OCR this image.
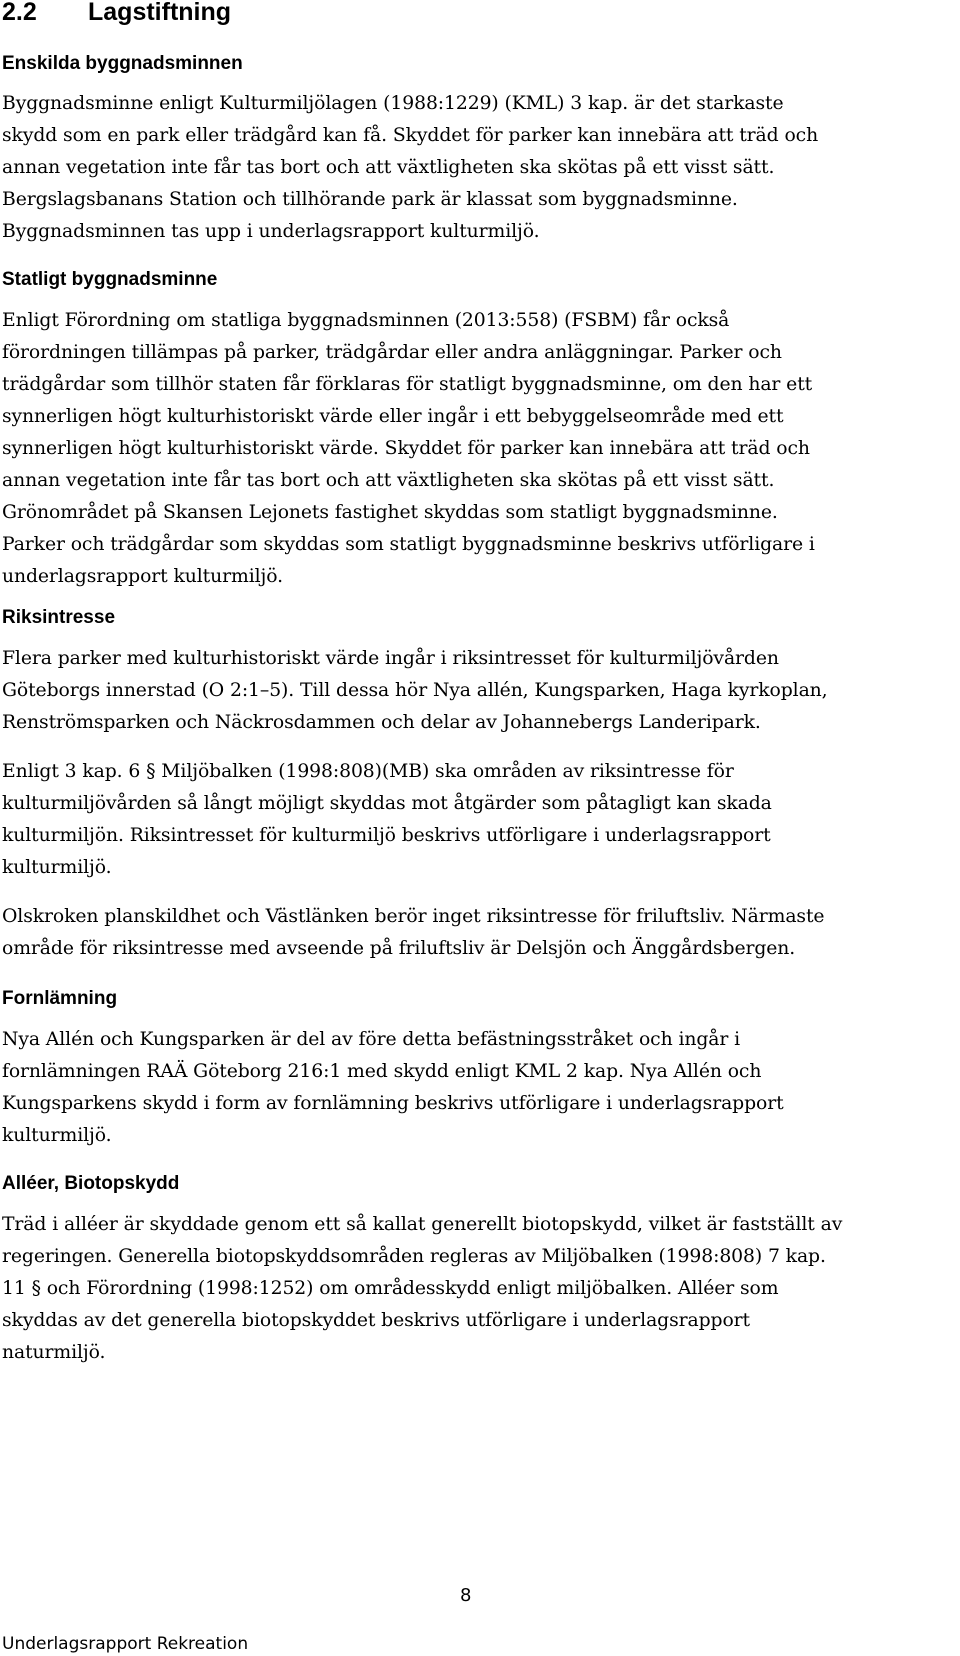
2.2 Lagstiftning
Enskilda byggnadsminnen

Byggnadsminne enligt Kulturmiljölagen (1988:1229) (KML) 3 kap. är det starkaste
skydd som en park eller trädgård kan få. Skyddet för parker kan innebära att träd och
annan vegetation inte får tas bort och att växtligheten ska skötas på ett visst sätt.
Bergslagsbanans Station och tillhörande park är klassat som byggnadsminne.
Byggnadsminnen tas upp i underlagsrapport kulturmiljö.

Statligt byggnadsminne

Enligt Förordning om statliga byggnadsminnen (2013:558) (FSBM) får också
förordningen tillämpas på parker, trädgårdar eller andra anläggningar. Parker och
trädgårdar som tillhör staten får förklaras för statligt byggnadsminne, om den har ett
synnerligen högt kulturhistoriskt värde eller ingår i ett bebyggelseområde med ett
synnerligen högt kulturhistoriskt värde. Skyddet för parker kan innebära att träd och
annan vegetation inte får tas bort och att växtligheten ska skötas på ett visst sätt.
Grönområdet på Skansen Lejonets fastighet skyddas som statligt byggnadsminne.
Parker och trädgårdar som skyddas som statligt byggnadsminne beskrivs utförligare i
underlagsrapport kulturmiljö.

Riksintresse

Flera parker med kulturhistoriskt värde ingår i riksintresset för kulturmiljövården
Göteborgs innerstad (O 2:1–5). Till dessa hör Nya allén, Kungsparken, Haga kyrkoplan,
Renströmsparken och Näckrosdammen och delar av Johannebergs Landeripark.

Enligt 3 kap. 6 § Miljöbalken (1998:808)(MB) ska områden av riksintresse för
kulturmiljövården så långt möjligt skyddas mot åtgärder som påtagligt kan skada
kulturmiljön. Riksintresset för kulturmiljö beskrivs utförligare i underlagsrapport
kulturmiljö.

Olskroken planskildhet och Västlänken berör inget riksintresse för friluftsliv. Närmaste
område för riksintresse med avseende på friluftsliv är Delsjön och Änggårdsbergen.

Fornlämning

Nya Allén och Kungsparken är del av före detta befästningsstråket och ingår i
fornlämningen RAÄ Göteborg 216:1 med skydd enligt KML 2 kap. Nya Allén och
Kungsparkens skydd i form av fornlämning beskrivs utförligare i underlagsrapport
kulturmiljö.

Alléer, Biotopskydd

Träd i alléer är skyddade genom ett så kallat generellt biotopskydd, vilket är fastställt av
regeringen. Generella biotopskyddsområden regleras av Miljöbalken (1998:808) 7 kap.
11 § och Förordning (1998:1252) om områdesskydd enligt miljöbalken. Alléer som
skyddas av det generella biotopskyddet beskrivs utförligare i underlagsrapport
naturmiljö.

8
Underlagsrapport Rekreation
